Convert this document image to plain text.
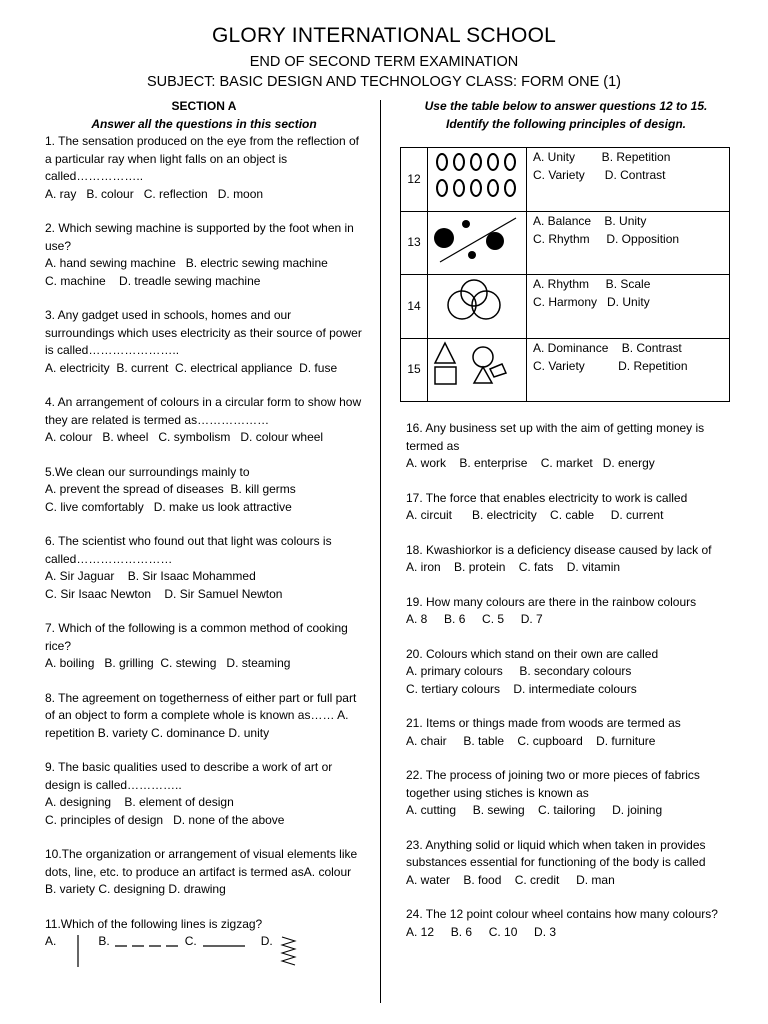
GLORY INTERNATIONAL SCHOOL
END OF SECOND TERM EXAMINATION
SUBJECT: BASIC DESIGN AND TECHNOLOGY CLASS: FORM ONE (1)
SECTION A
Answer all the questions in this section

1. The sensation produced on the eye from the reflection of a particular ray when light falls on an object is called……………..

A. ray   B. colour   C. reflection   D. moon

2. Which sewing machine is supported by the foot when in use?

A. hand sewing machine   B. electric sewing machine
C. machine    D. treadle sewing machine

3. Any gadget used in schools, homes and our surroundings which uses electricity as their source of power is called…………………..

A. electricity  B. current  C. electrical appliance  D. fuse

4. An arrangement of colours in a circular form to show how they are related is termed as………………

A. colour   B. wheel   C. symbolism   D. colour wheel

5.We clean our surroundings mainly to

A. prevent the spread of diseases  B. kill germs
C. live comfortably   D. make us look attractive

6. The scientist who found out that light was colours is called……………………

A. Sir Jaguar    B. Sir Isaac Mohammed
C. Sir Isaac Newton    D. Sir Samuel Newton

7. Which of the following is a common method of cooking rice?

A. boiling   B. grilling  C. stewing   D. steaming

8. The agreement on togetherness of either part or full part of an object to form a complete whole is known as…… A. repetition B. variety C. dominance D. unity

9. The basic qualities used to describe a work of art or design is called…………..

A. designing    B. element of design
C. principles of design   D. none of the above

10.The organization or arrangement of visual elements like dots, line, etc. to produce an artifact is termed asA. colour B. variety C. designing D. drawing

11.Which of the following lines is zigzag?

A.	B.	C.	D.
Use the table below to answer questions 12 to 15.
Identify the following principles of design.
12		A. Unity        B. Repetition
C. Variety      D. Contrast
13		A. Balance    B. Unity
C. Rhythm     D. Opposition
14		A. Rhythm     B. Scale
C. Harmony   D. Unity
15		A. Dominance    B. Contrast
C. Variety          D. Repetition

16. Any business set up with the aim of getting money is termed as

A. work    B. enterprise    C. market   D. energy

17. The force that enables electricity to work is called

A. circuit      B. electricity    C. cable     D. current

18. Kwashiorkor is a deficiency disease caused by lack of

A. iron    B. protein    C. fats    D. vitamin

19. How many colours are there in the rainbow colours

A. 8     B. 6     C. 5     D. 7

20. Colours which stand on their own are called

A. primary colours     B. secondary colours
C. tertiary colours    D. intermediate colours

21. Items or things made from woods are termed as

A. chair     B. table    C. cupboard    D. furniture

22. The process of joining two or more pieces of fabrics together using stiches is known as

A. cutting     B. sewing    C. tailoring     D. joining

23. Anything solid or liquid which when taken in provides substances essential for functioning of the body is called

A. water    B. food    C. credit     D. man

24. The 12 point colour wheel contains how many colours?

A. 12     B. 6     C. 10     D. 3
